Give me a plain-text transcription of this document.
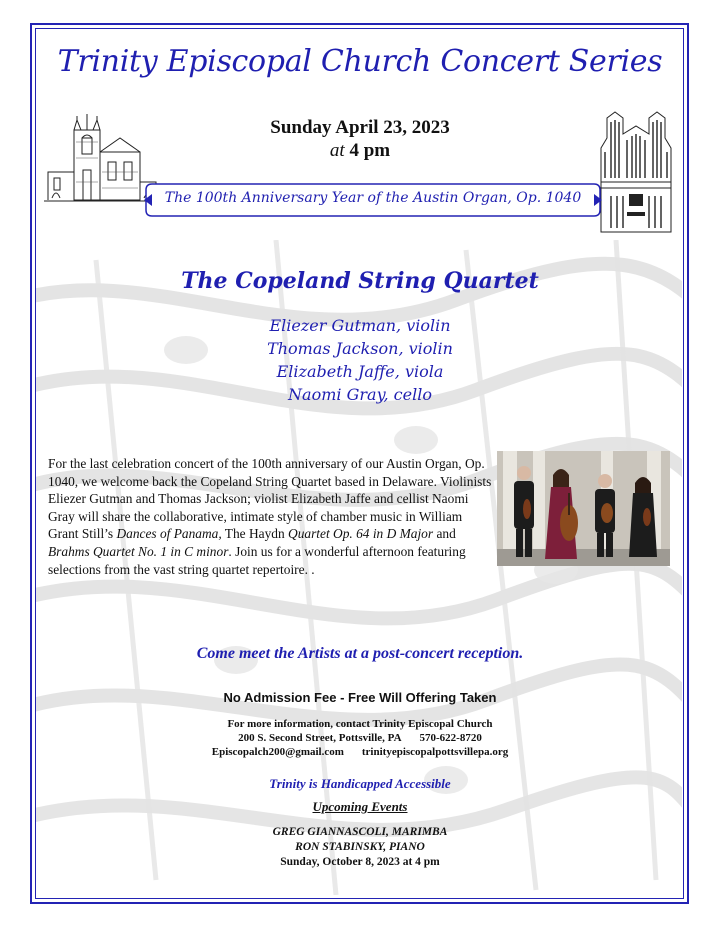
Trinity Episcopal Church Concert Series
Sunday April 23, 2023
at 4 pm
The 100th Anniversary Year of the Austin Organ, Op. 1040
The Copeland String Quartet
Eliezer Gutman, violin
Thomas Jackson, violin
Elizabeth Jaffe, viola
Naomi Gray, cello
For the last celebration concert of the 100th anniversary of our Austin Organ, Op. 1040, we welcome back the Copeland String Quartet based in Delaware. Violinists Eliezer Gutman and Thomas Jackson; violist Elizabeth Jaffe and cellist Naomi Gray will share the collaborative, intimate style of chamber music in William Grant Still’s Dances of Panama, The Haydn Quartet Op. 64 in D Major and Brahms Quartet No. 1 in C minor. Join us for a wonderful afternoon featuring selections from the vast string quartet repertoire. .
Come meet the Artists at a post-concert reception.
No Admission Fee - Free Will Offering Taken
For more information, contact Trinity Episcopal Church
200 S. Second Street, Pottsville, PA 570-622-8720
Episcopalch200@gmail.com trinityepiscopalpottsvillepa.org
Trinity is Handicapped Accessible
Upcoming Events
GREG GIANNASCOLI, MARIMBA
RON STABINSKY, PIANO
Sunday, October 8, 2023 at 4 pm
